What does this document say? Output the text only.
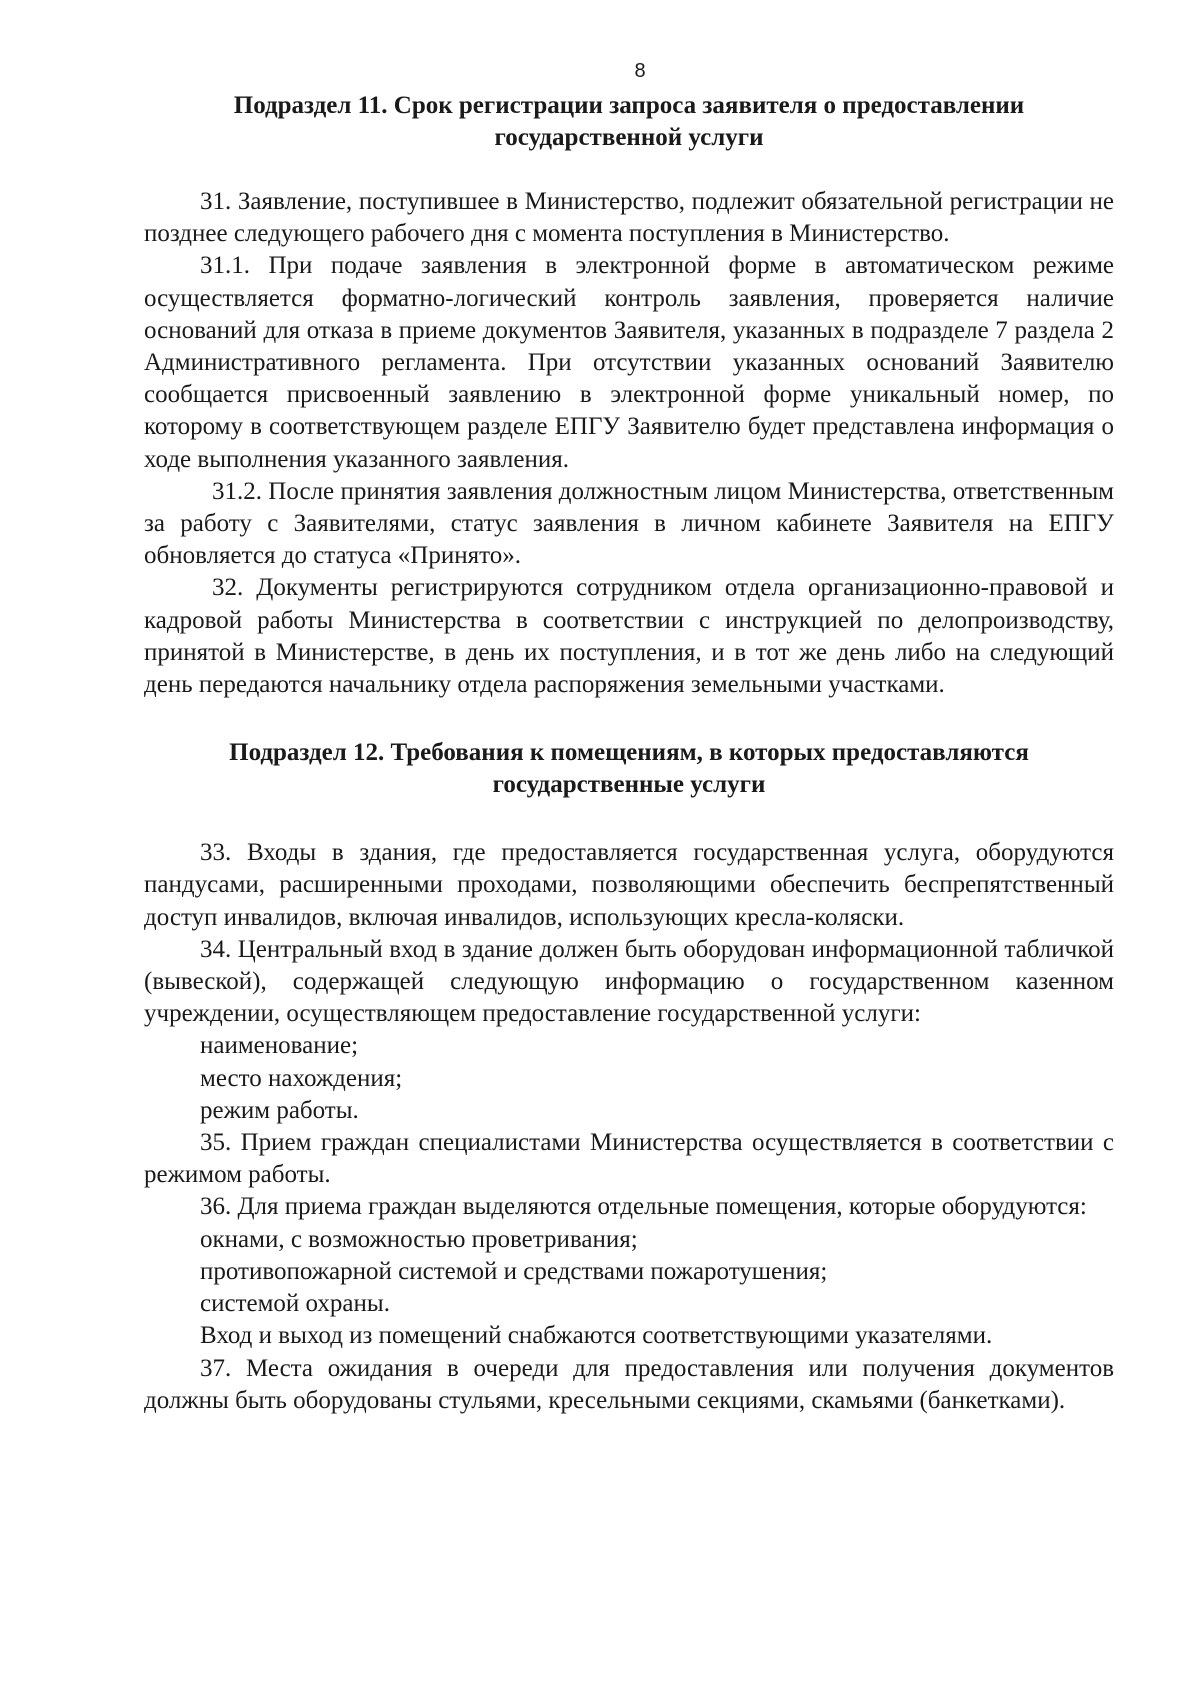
8
Подраздел 11. Срок регистрации запроса заявителя о предоставлении
государственной услуги

31. Заявление, поступившее в Министерство, подлежит обязательной регистрации не позднее следующего рабочего дня с момента поступления в Министерство.

31.1. При подаче заявления в электронной форме в автоматическом режиме осуществляется форматно-логический контроль заявления, проверяется наличие оснований для отказа в приеме документов Заявителя, указанных в подразделе 7 раздела 2 Административного регламента. При отсутствии указанных оснований Заявителю сообщается присвоенный заявлению в электронной форме уникальный номер, по которому в соответствующем разделе ЕПГУ Заявителю будет представлена информация о ходе выполнения указанного заявления.

31.2. После принятия заявления должностным лицом Министерства, ответственным за работу с Заявителями, статус заявления в личном кабинете Заявителя на ЕПГУ обновляется до статуса «Принято».

32. Документы регистрируются сотрудником отдела организационно-правовой и кадровой работы Министерства в соответствии с инструкцией по делопроизводству, принятой в Министерстве, в день их поступления, и в тот же день либо на следующий день передаются начальнику отдела распоряжения земельными участками.

Подраздел 12. Требования к помещениям, в которых предоставляются
государственные услуги

33. Входы в здания, где предоставляется государственная услуга, оборудуются пандусами, расширенными проходами, позволяющими обеспечить беспрепятственный доступ инвалидов, включая инвалидов, использующих кресла-коляски.

34. Центральный вход в здание должен быть оборудован информационной табличкой (вывеской), содержащей следующую информацию о государственном казенном учреждении, осуществляющем предоставление государственной услуги:

наименование;

место нахождения;

режим работы.

35. Прием граждан специалистами Министерства осуществляется в соответствии с режимом работы.

36. Для приема граждан выделяются отдельные помещения, которые оборудуются:

окнами, с возможностью проветривания;

противопожарной системой и средствами пожаротушения;

системой охраны.

Вход и выход из помещений снабжаются соответствующими указателями.

37. Места ожидания в очереди для предоставления или получения документов должны быть оборудованы стульями, кресельными секциями, скамьями (банкетками).
